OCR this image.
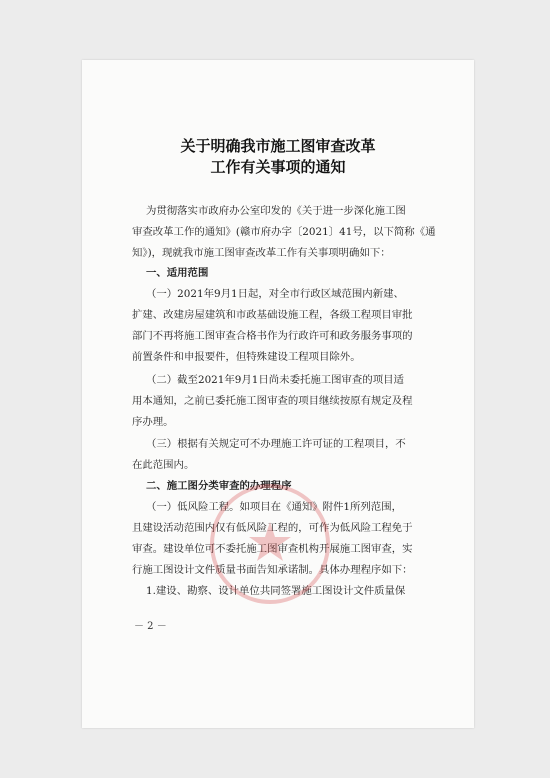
关于明确我市施工图审查改革
工作有关事项的通知
为贯彻落实市政府办公室印发的《关于进一步深化施工图
审查改革工作的通知》(赣市府办字〔2021〕41号，以下简称《通
知》)，现就我市施工图审查改革工作有关事项明确如下：
一、适用范围
（一）2021年9月1日起，对全市行政区域范围内新建、
扩建、改建房屋建筑和市政基础设施工程，各级工程项目审批
部门不再将施工图审查合格书作为行政许可和政务服务事项的
前置条件和申报要件，但特殊建设工程项目除外。
（二）截至2021年9月1日尚未委托施工图审查的项目适
用本通知，之前已委托施工图审查的项目继续按原有规定及程
序办理。
（三）根据有关规定可不办理施工许可证的工程项目，不
在此范围内。
二、施工图分类审查的办理程序
（一）低风险工程。如项目在《通知》附件1所列范围，
且建设活动范围内仅有低风险工程的，可作为低风险工程免于
审查。建设单位可不委托施工图审查机构开展施工图审查，实
行施工图设计文件质量书面告知承诺制。具体办理程序如下：
1.建设、勘察、设计单位共同签署施工图设计文件质量保
－ 2 －
